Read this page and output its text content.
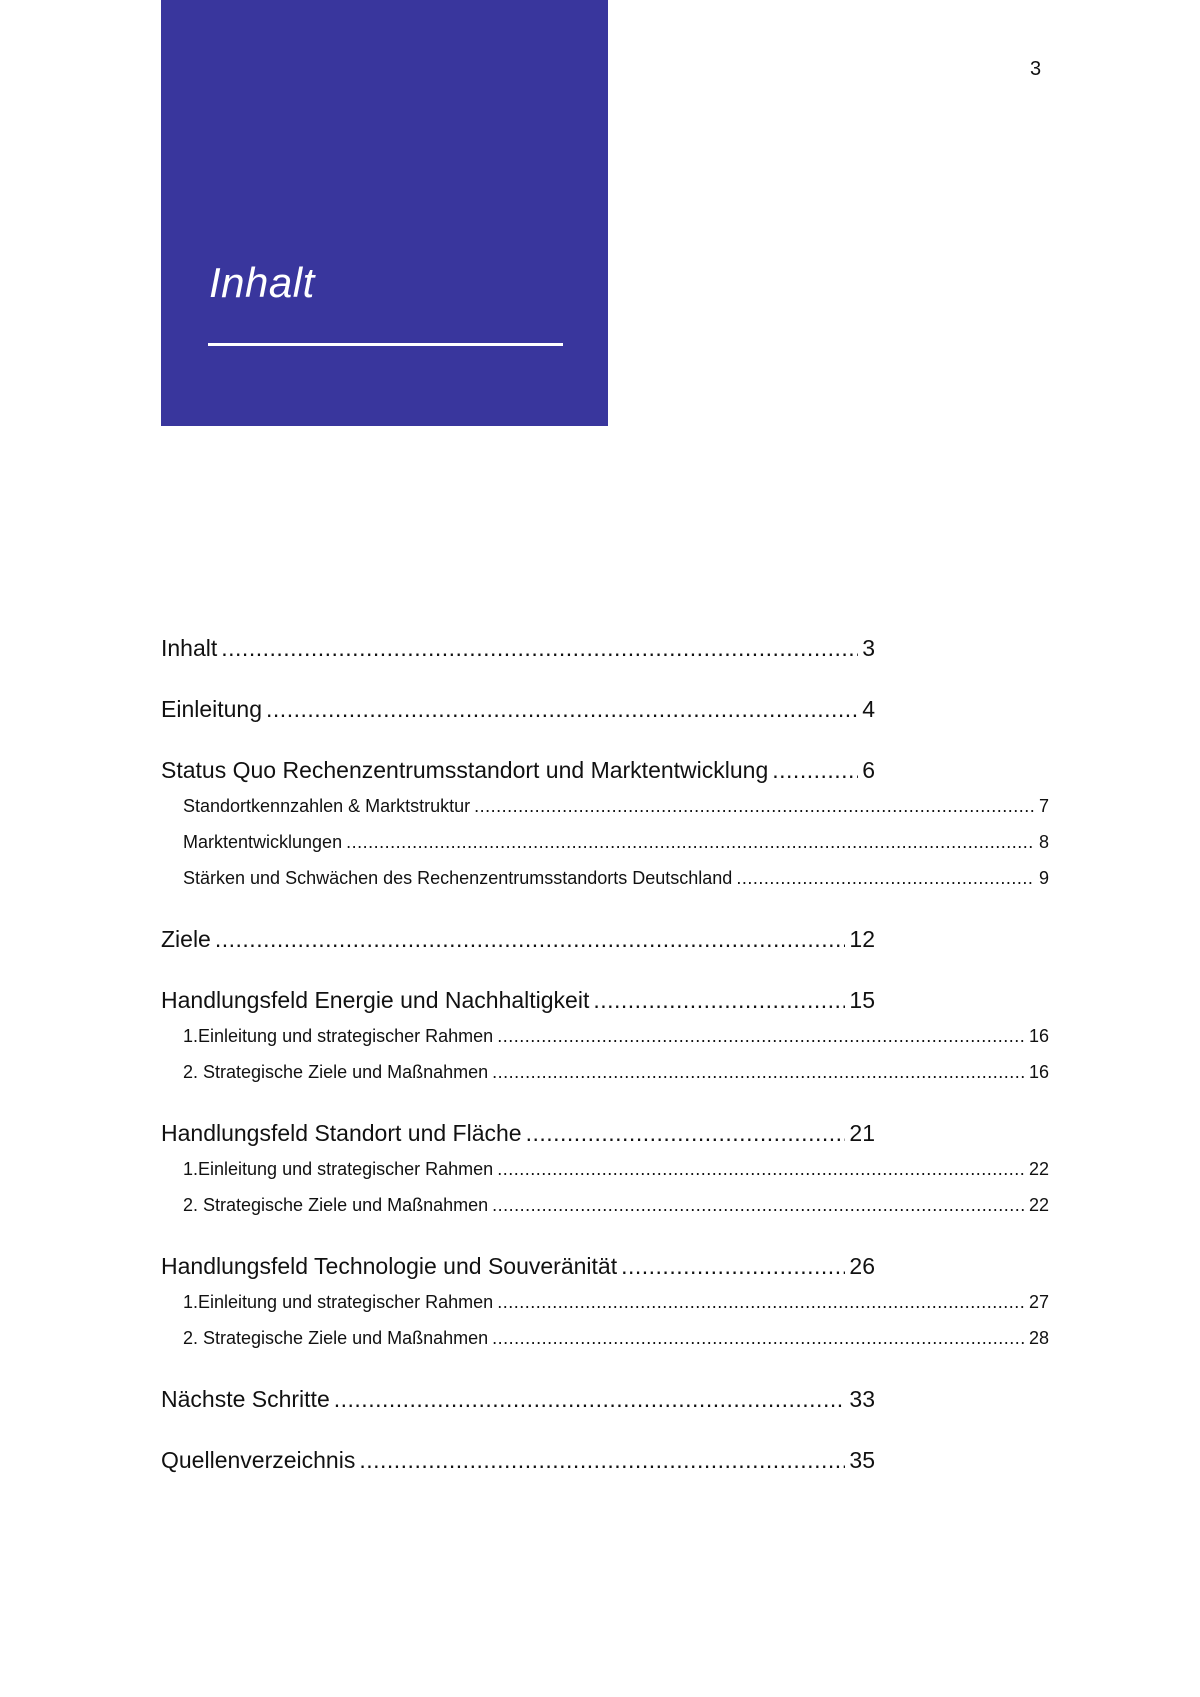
3
Inhalt
Inhalt .....	3
Einleitung .....	4
Status Quo Rechenzentrumsstandort und Marktentwicklung .....	6
Standortkennzahlen & Marktstruktur .....	7
Marktentwicklungen .....	8
Stärken und Schwächen des Rechenzentrumsstandorts Deutschland .....	9
Ziele .....	12
Handlungsfeld Energie und Nachhaltigkeit .....	15
1.Einleitung und strategischer Rahmen .....	16
2. Strategische Ziele und Maßnahmen .....	16
Handlungsfeld Standort und Fläche .....	21
1.Einleitung und strategischer Rahmen .....	22
2. Strategische Ziele und Maßnahmen .....	22
Handlungsfeld Technologie und Souveränität .....	26
1.Einleitung und strategischer Rahmen .....	27
2. Strategische Ziele und Maßnahmen .....	28
Nächste Schritte .....	33
Quellenverzeichnis .....	35
